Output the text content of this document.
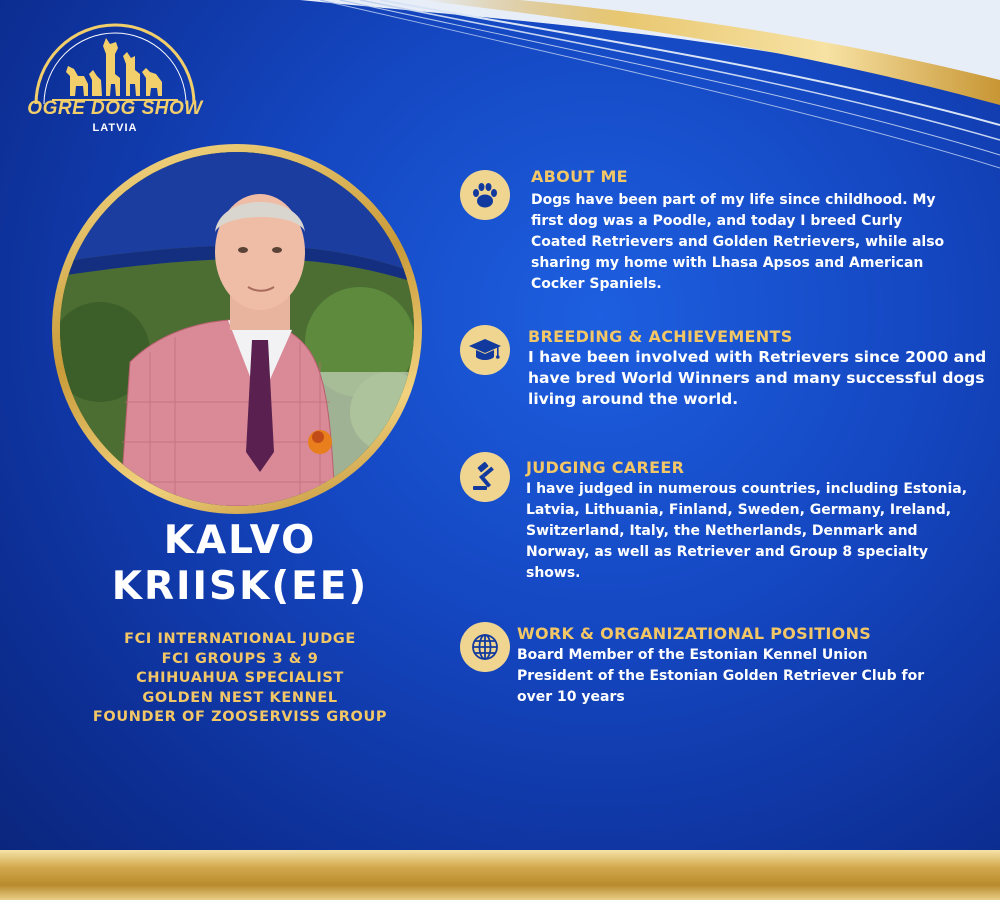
OGRE DOG SHOW
LATVIA
KALVO
KRIISK(EE)
FCI INTERNATIONAL JUDGE
FCI GROUPS 3 & 9
CHIHUAHUA SPECIALIST
GOLDEN NEST KENNEL
FOUNDER OF ZOOSERVISS GROUP
ABOUT ME
Dogs have been part of my life since childhood. My
first dog was a Poodle, and today I breed Curly
Coated Retrievers and Golden Retrievers, while also
sharing my home with Lhasa Apsos and American
Cocker Spaniels.
BREEDING & ACHIEVEMENTS
I have been involved with Retrievers since 2000 and
have bred World Winners and many successful dogs
living around the world.
JUDGING CAREER
I have judged in numerous countries, including Estonia,
Latvia, Lithuania, Finland, Sweden, Germany, Ireland,
Switzerland, Italy, the Netherlands, Denmark and
Norway, as well as Retriever and Group 8 specialty
shows.
WORK & ORGANIZATIONAL POSITIONS
Board Member of the Estonian Kennel Union
President of the Estonian Golden Retriever Club for
over 10 years
